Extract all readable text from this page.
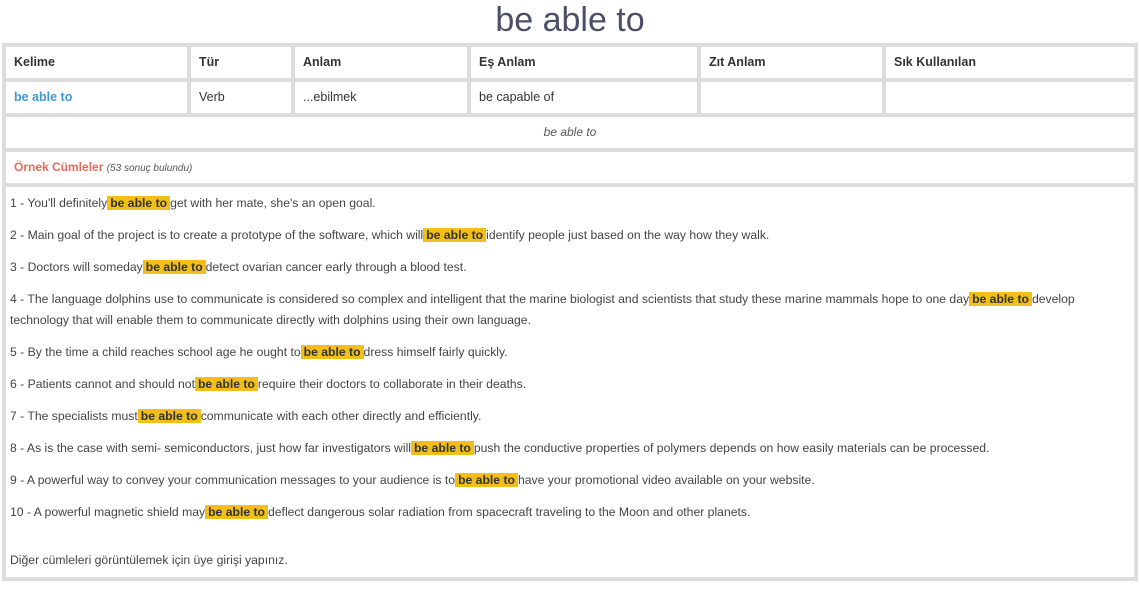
be able to
Kelime	Tür	Anlam	Eş Anlam	Zıt Anlam	Sık Kullanılan
be able to	Verb	...ebilmek	be capable of
be able to
Örnek Cümleler (53 sonuç bulundu)
1 - You'll definitely be able to get with her mate, she's an open goal.
2 - Main goal of the project is to create a prototype of the software, which will be able to identify people just based on the way how they walk.
3 - Doctors will someday be able to detect ovarian cancer early through a blood test.
4 - The language dolphins use to communicate is considered so complex and intelligent that the marine biologist and scientists that study these marine mammals hope to one day be able to develop technology that will enable them to communicate directly with dolphins using their own language.
5 - By the time a child reaches school age he ought to be able to dress himself fairly quickly.
6 - Patients cannot and should not be able to require their doctors to collaborate in their deaths.
7 - The specialists must be able to communicate with each other directly and efficiently.
8 - As is the case with semi- semiconductors, just how far investigators will be able to push the conductive properties of polymers depends on how easily materials can be processed.
9 - A powerful way to convey your communication messages to your audience is to be able to have your promotional video available on your website.
10 - A powerful magnetic shield may be able to deflect dangerous solar radiation from spacecraft traveling to the Moon and other planets.
Diğer cümleleri görüntülemek için üye girişi yapınız.
